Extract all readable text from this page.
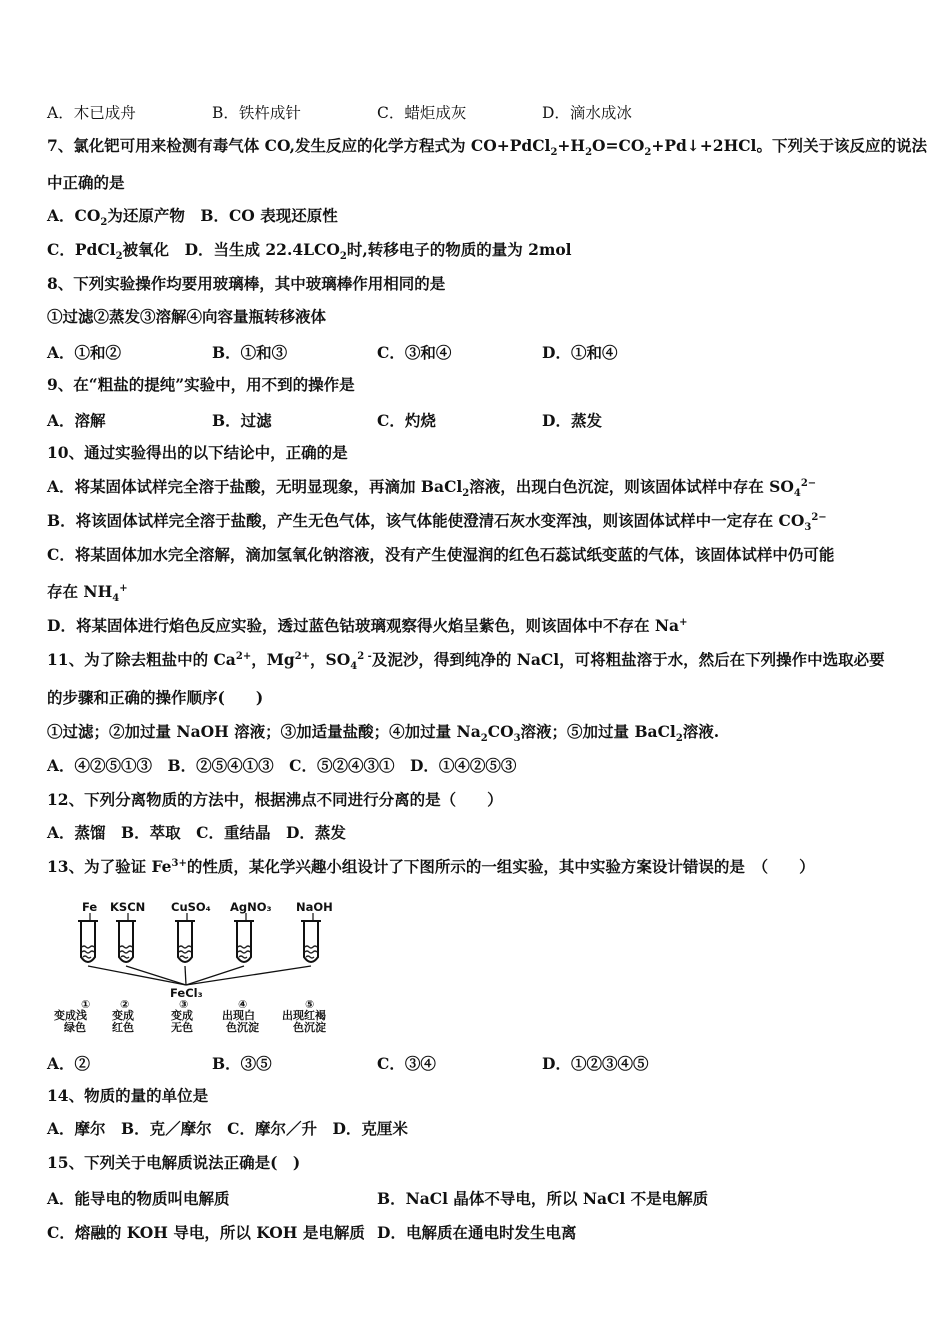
A．木已成舟	B．铁杵成针	C．蜡炬成灰	D．滴水成冰
7、氯化钯可用来检测有毒气体 CO,发生反应的化学方程式为 $CO+PdCl_2+H_2O=CO_2+Pd↓+2HCl$。下列关于该反应的说法
中正确的是
A．$CO_2$为还原产物　 B．CO 表现还原性
C．PdCl$_2$被氧化　 D．当生成 $22.4LCO_2$时,转移电子的物质的量为 2mol
8、下列实验操作均要用玻璃棒，其中玻璃棒作用相同的是
①过滤②蒸发③溶解④向容量瓶转移液体
A．①和②	B．①和③	C．③和④	D．①和④
9、在“粗盐的提纯”实验中，用不到的操作是
A．溶解	B．过滤	C．灼烧	D．蒸发
10、通过实验得出的以下结论中，正确的是
A．将某固体试样完全溶于盐酸，无明显现象，再滴加 BaCl$_2$溶液，出现白色沉淀，则该固体试样中存在 $SO_4^{2-}$
B．将该固体试样完全溶于盐酸，产生无色气体，该气体能使澄清石灰水变浑浊，则该固体试样中一定存在 $CO_3^{2-}$
C．将某固体加水完全溶解，滴加氢氧化钠溶液，没有产生使湿润的红色石蕊试纸变蓝的气体，该固体试样中仍可能
存在 $NH_4^+$
D．将某固体进行焰色反应实验，透过蓝色钴玻璃观察得火焰呈紫色，则该固体中不存在 Na+
11、为了除去粗盐中的 $Ca^{2+}$，$Mg^{2+}$，$SO_4^{2 -}$及泥沙，得到纯净的 NaCl，可将粗盐溶于水，然后在下列操作中选取必要
的步骤和正确的操作顺序(　　)
①过滤；②加过量 NaOH 溶液；③加适量盐酸；④加过量 $Na_2CO_3$溶液；⑤加过量 BaCl$_2$溶液.
A．④②⑤①③　B．②⑤④①③　C．⑤②④③①　D．①④②⑤③
12、下列分离物质的方法中，根据沸点不同进行分离的是（　　）
A．蒸馏　B．萃取　C．重结晶　D．蒸发
13、为了验证 $Fe^{3+}$的性质，某化学兴趣小组设计了下图所示的一组实验，其中实验方案设计错误的是　（　　）
Fe KSCN CuSO₄ AgNO₃ NaOH
FeCl₃
①	②	③	④	⑤
变成浅 变成	变成	出现白 出现红褐
绿色 红色	无色	色沉淀	色沉淀
A．②	B．③⑤	C．③④	D．①②③④⑤
14、物质的量的单位是
A．摩尔　B．克／摩尔　C．摩尔／升　D．克厘米
15、下列关于电解质说法正确是(　)
A．能导电的物质叫电解质	B．NaCl 晶体不导电，所以 NaCl 不是电解质
C．熔融的 KOH 导电，所以 KOH 是电解质 D．电解质在通电时发生电离
